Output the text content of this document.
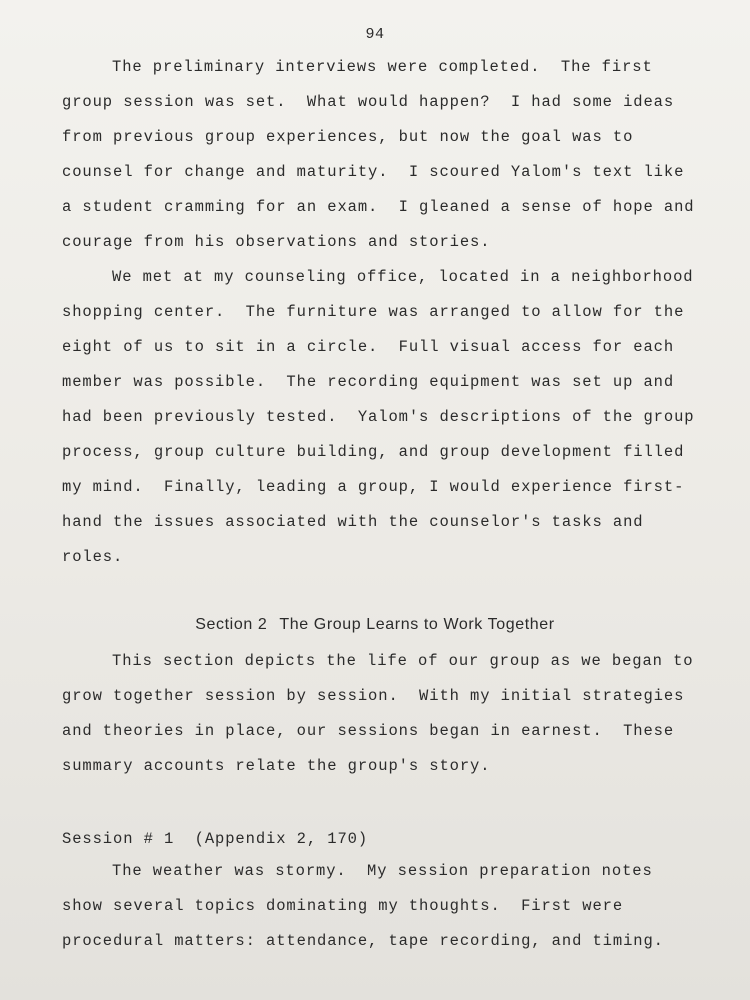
94
The preliminary interviews were completed.  The first
group session was set.  What would happen?  I had some ideas
from previous group experiences, but now the goal was to
counsel for change and maturity.  I scoured Yalom's text like
a student cramming for an exam.  I gleaned a sense of hope and
courage from his observations and stories.
We met at my counseling office, located in a neighborhood
shopping center.  The furniture was arranged to allow for the
eight of us to sit in a circle.  Full visual access for each
member was possible.  The recording equipment was set up and
had been previously tested.  Yalom's descriptions of the group
process, group culture building, and group development filled
my mind.  Finally, leading a group, I would experience first-
hand the issues associated with the counselor's tasks and
roles.
Section 2 The Group Learns to Work Together
This section depicts the life of our group as we began to
grow together session by session.  With my initial strategies
and theories in place, our sessions began in earnest.  These
summary accounts relate the group's story.
Session # 1  (Appendix 2, 170)
The weather was stormy.  My session preparation notes
show several topics dominating my thoughts.  First were
procedural matters: attendance, tape recording, and timing.
